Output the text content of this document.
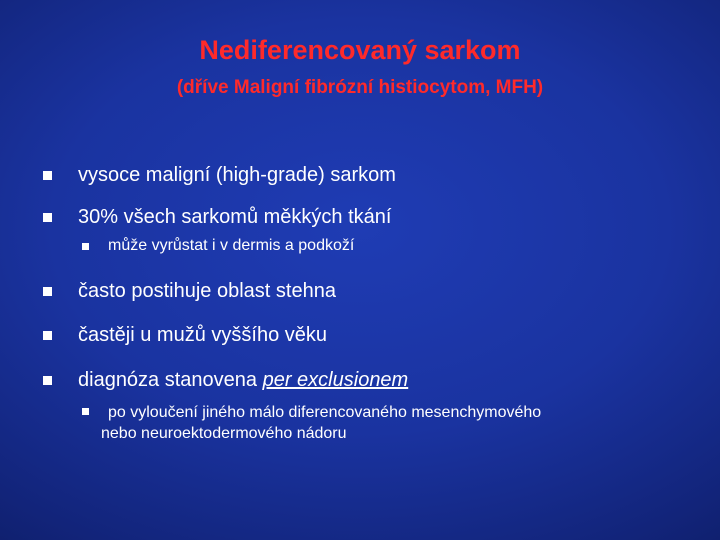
Nediferencovaný sarkom
(dříve Maligní fibrózní histiocytom, MFH)
vysoce maligní (high-grade) sarkom
30% všech sarkomů měkkých tkání
může vyrůstat i v dermis a podkoží
často postihuje oblast stehna
častěji u mužů vyššího věku
diagnóza stanovena per exclusionem
po vyloučení jiného málo diferencovaného mesenchymového
nebo neuroektodermového nádoru
